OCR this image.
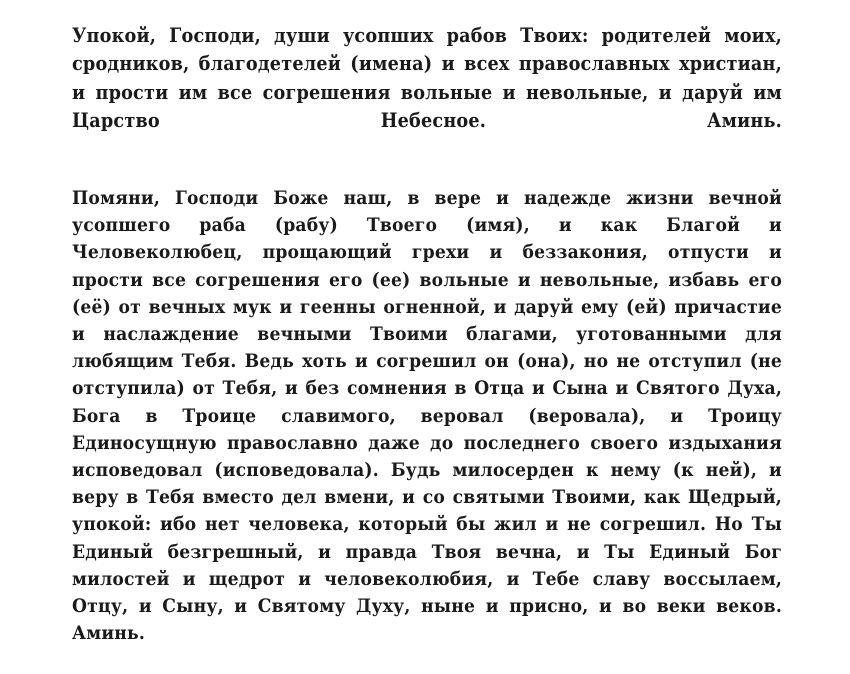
Упокой, Господи, души усопших рабов Твоих: родителей моих, сродников, благодетелей (имена) и всех православных христиан, и прости им все согрешения вольные и невольные, и даруй им Царство Небесное. Аминь.

Помяни, Господи Боже наш, в вере и надежде жизни вечной усопшего раба (рабу) Твоего (имя), и как Благой и Человеколюбец, прощающий грехи и беззакония, отпусти и прости все согрешения его (ее) вольные и невольные, избавь его (её) от вечных мук и геенны огненной, и даруй ему (ей) причастие и наслаждение вечными Твоими благами, уготованными для любящим Тебя. Ведь хоть и согрешил он (она), но не отступил (не отступила) от Тебя, и без сомнения в Отца и Сына и Святого Духа, Бога в Троице славимого, веровал (веровала), и Троицу Единосущную православно даже до последнего своего издыхания исповедовал (исповедовала). Будь милосерден к нему (к ней), и веру в Тебя вместо дел вмени, и со святыми Твоими, как Щедрый, упокой: ибо нет человека, который бы жил и не согрешил. Но Ты Единый безгрешный, и правда Твоя вечна, и Ты Единый Бог милостей и щедрот и человеколюбия, и Тебе славу воссылаем, Отцу, и Сыну, и Святому Духу, ныне и присно, и во веки веков. Аминь.
